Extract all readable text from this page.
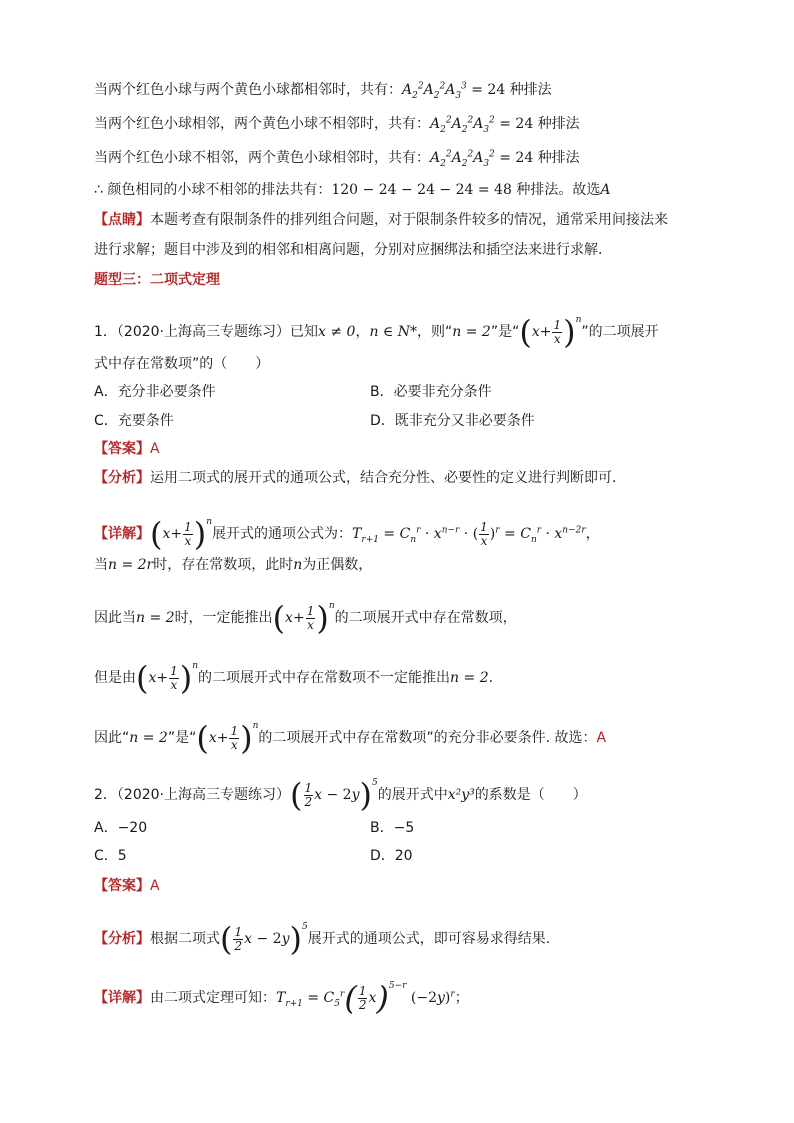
当两个红色小球与两个黄色小球都相邻时，共有：$A_2^2A_2^2A_3^3 = 24$ 种排法
当两个红色小球相邻，两个黄色小球不相邻时，共有：$A_2^2A_2^2A_3^2 = 24$ 种排法
当两个红色小球不相邻，两个黄色小球相邻时，共有：$A_2^2A_2^2A_3^2 = 24$ 种排法
∴ 颜色相同的小球不相邻的排法共有：120 − 24 − 24 − 24 = 48 种排法。故选A
【点睛】本题考查有限制条件的排列组合问题，对于限制条件较多的情况，通常采用间接法来
进行求解；题目中涉及到的相邻和相离问题，分别对应捆绑法和插空法来进行求解.
题型三：二项式定理
1．（2020·上海高三专题练习）已知x ≠ 0，n ∈ N*，则“n = 2”是“$(x+ \frac{1}{x} )^n$”的二项展开
式中存在常数项”的（　　）
A．充分非必要条件	B．必要非充分条件
C．充要条件	D．既非充分又非必要条件
【答案】A
【分析】运用二项式的展开式的通项公式，结合充分性、必要性的定义进行判断即可.
【详解】$(x+ \frac{1}{x} )^n$展开式的通项公式为：$T_{r+1} = C_n^r \cdot x^{n-r}$ · ( $\frac{1}{x} )^r = C_n^r \cdot x^{n-2r}$，
当n = 2r时，存在常数项，此时n为正偶数，
因此当n = 2时，一定能推出$(x+ \frac{1}{x} )^n$的二项展开式中存在常数项，
但是由$(x+ \frac{1}{x} )^n$的二项展开式中存在常数项不一定能推出n = 2.
因此“n = 2”是“$(x+ \frac{1}{x} )^n$的二项展开式中存在常数项”的充分非必要条件. 故选：A
2．（2020·上海高三专题练习）( $\frac{1}{2}$ x − 2y)$^5$的展开式中x²y³的系数是（　　）
A．−20	B．−5
C．5	D．20
【答案】A
【分析】根据二项式( $\frac{1}{2}$ x − 2y)$^5$展开式的通项公式，即可容易求得结果.
【详解】由二项式定理可知：$T_{r+1} = C_5^r( \frac{1}{2} x)^{5-r}$ $(-2y)^r$；
